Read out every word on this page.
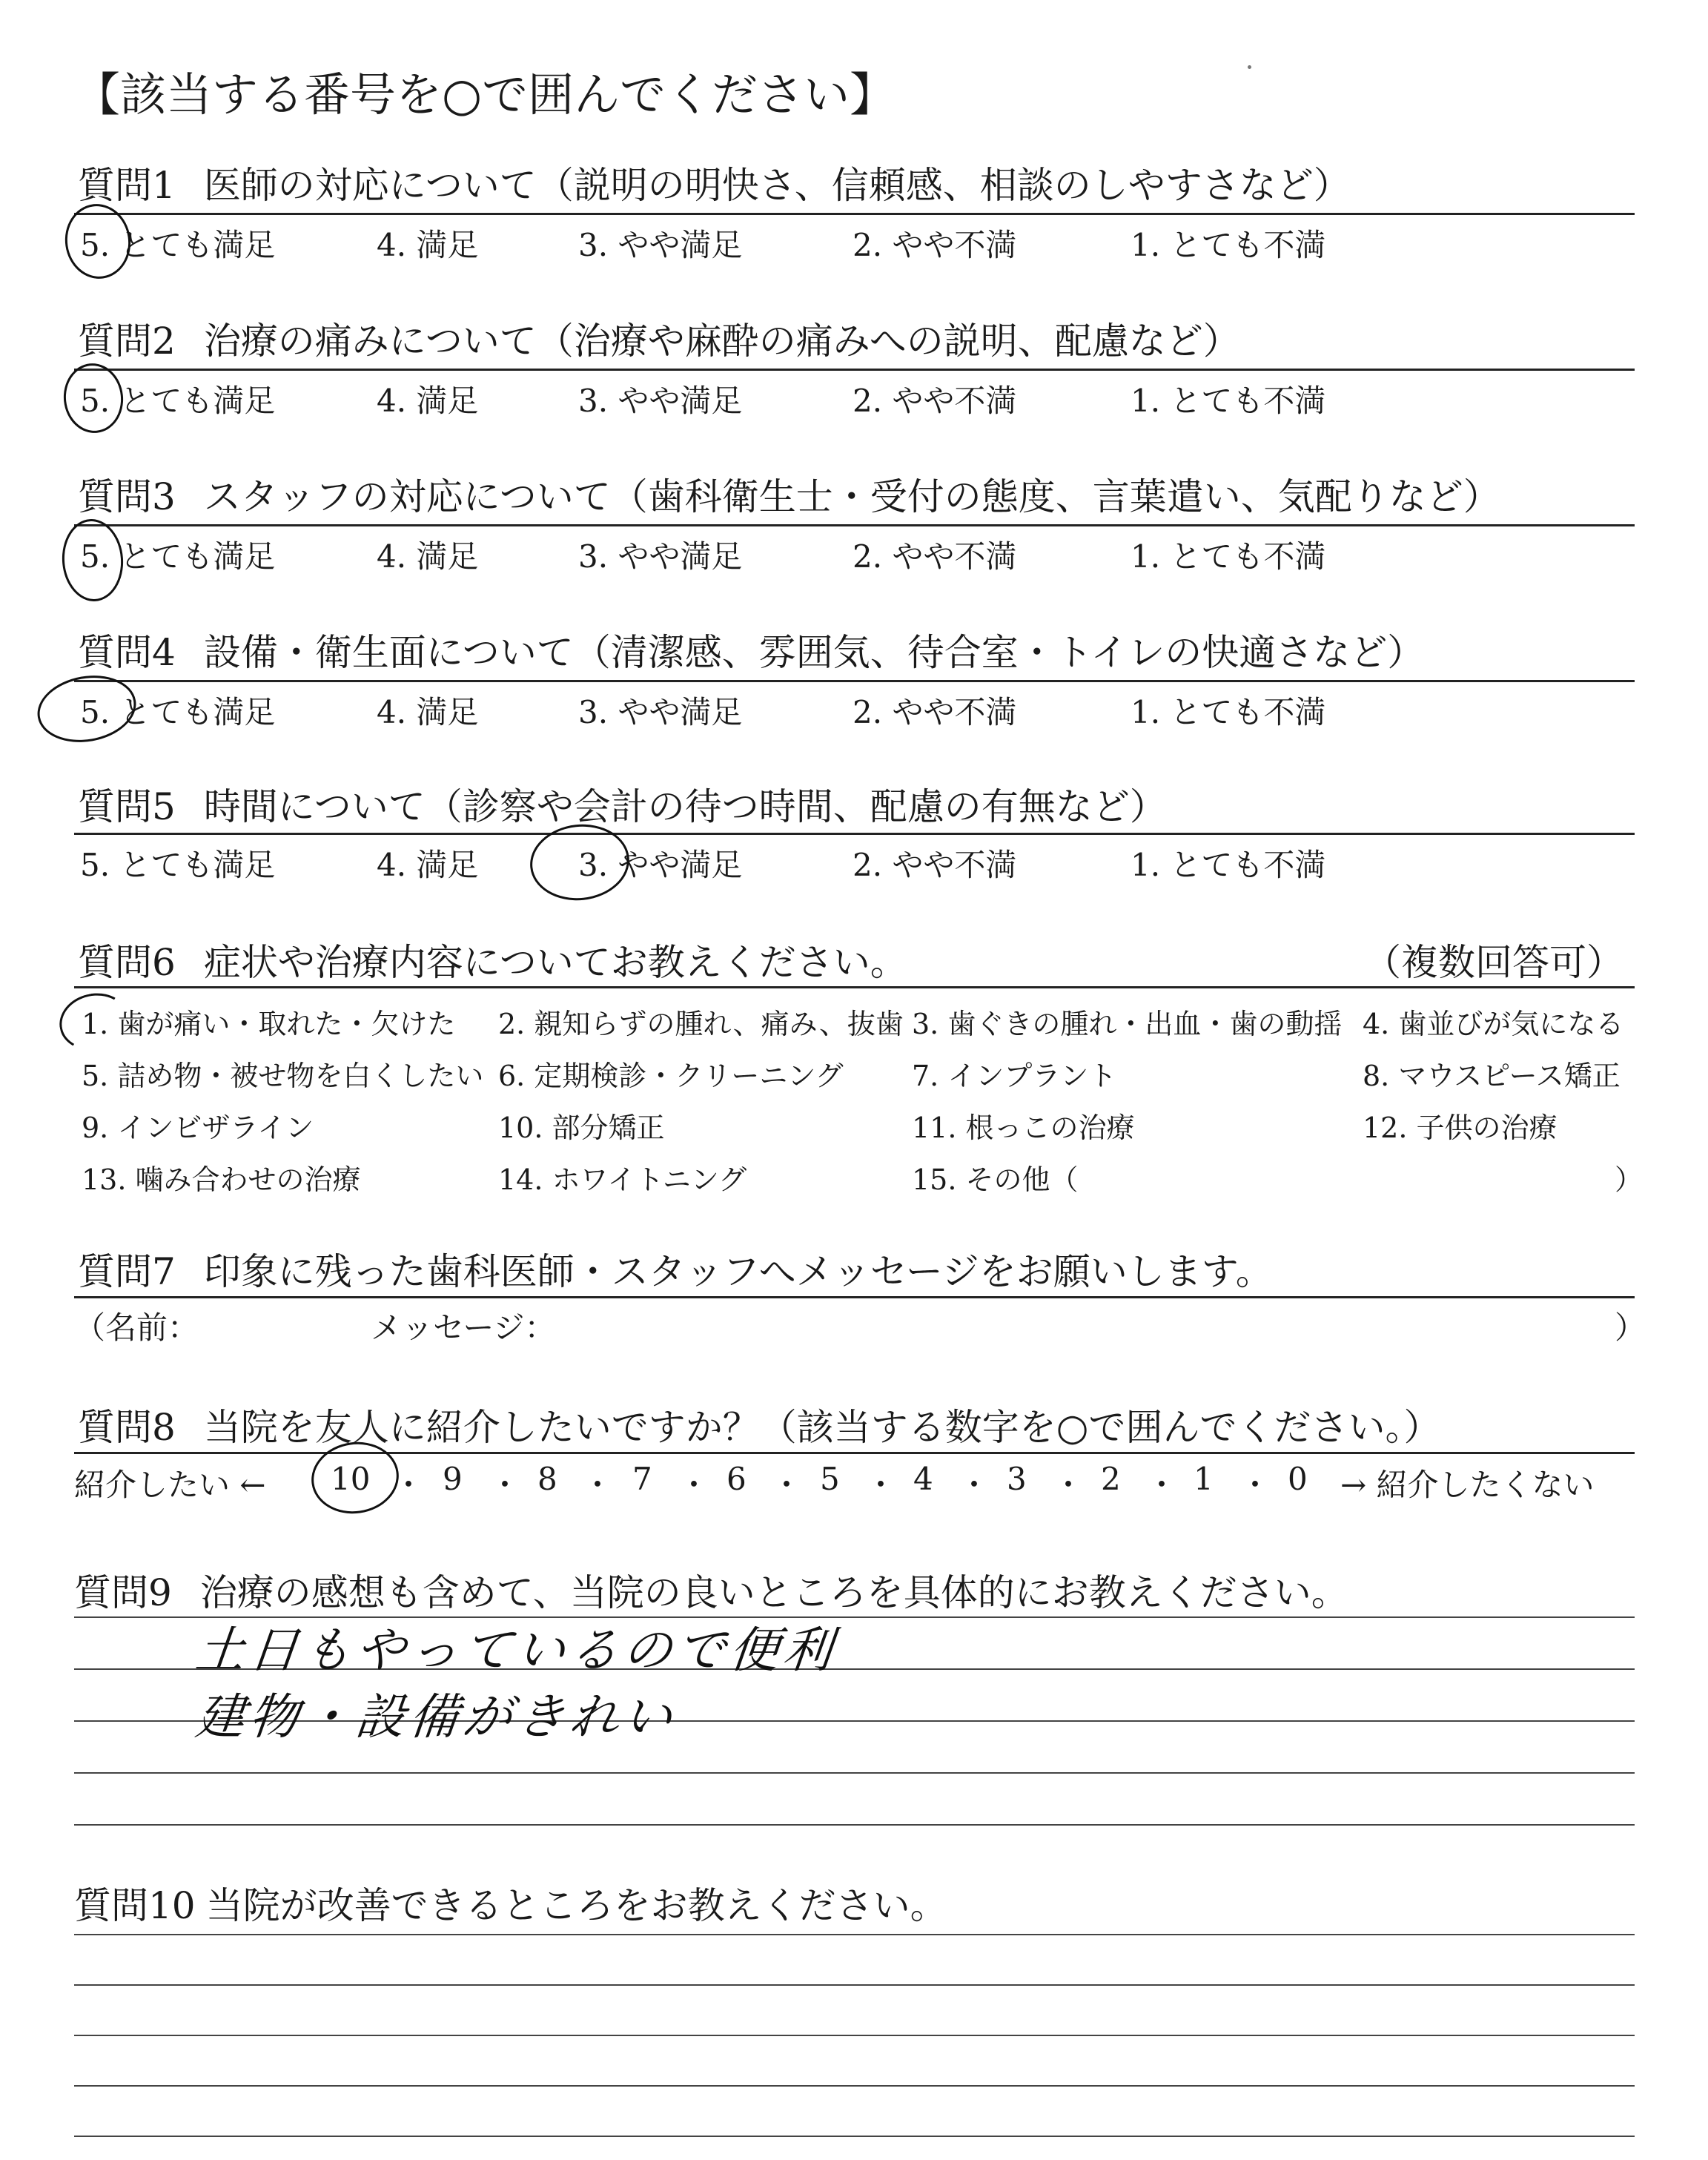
【該当する番号を○で囲んでください】
質問1 医師の対応について（説明の明快さ、信頼感、相談のしやすさなど）
5. とても満足	4. 満足	3. やや満足	2. やや不満	1. とても不満
質問2 治療の痛みについて（治療や麻酔の痛みへの説明、配慮など）
5. とても満足	4. 満足	3. やや満足	2. やや不満	1. とても不満
質問3 スタッフの対応について（歯科衛生士・受付の態度、言葉遣い、気配りなど）
5. とても満足	4. 満足	3. やや満足	2. やや不満	1. とても不満
質問4 設備・衛生面について（清潔感、雰囲気、待合室・トイレの快適さなど）
5. とても満足	4. 満足	3. やや満足	2. やや不満	1. とても不満
質問5 時間について（診察や会計の待つ時間、配慮の有無など）
5. とても満足	4. 満足	3. やや満足	2. やや不満	1. とても不満
質問6 症状や治療内容についてお教えください。	（複数回答可）
1. 歯が痛い・取れた・欠けた 2. 親知らずの腫れ、痛み、抜歯 3. 歯ぐきの腫れ・出血・歯の動揺 4. 歯並びが気になる
5. 詰め物・被せ物を白くしたい 6. 定期検診・クリーニング 7. インプラント	8. マウスピース矯正
9. インビザライン	10. 部分矯正	11. 根っこの治療	12. 子供の治療
13. 噛み合わせの治療	14. ホワイトニング	15. その他（	）
質問7 印象に残った歯科医師・スタッフへメッセージをお願いします。
（名前：	メッセージ：	）
質問8 当院を友人に紹介したいですか？（該当する数字を○で囲んでください。）
紹介したい ←	→ 紹介したくない
10 ・ 9 ・ 8 ・ 7 ・ 6 ・ 5 ・ 4 ・ 3 ・ 2 ・ 1 ・ 0
質問9 治療の感想も含めて、当院の良いところを具体的にお教えください。
土日もやっているので便利
建物・設備がきれい
質問10 当院が改善できるところをお教えください。
